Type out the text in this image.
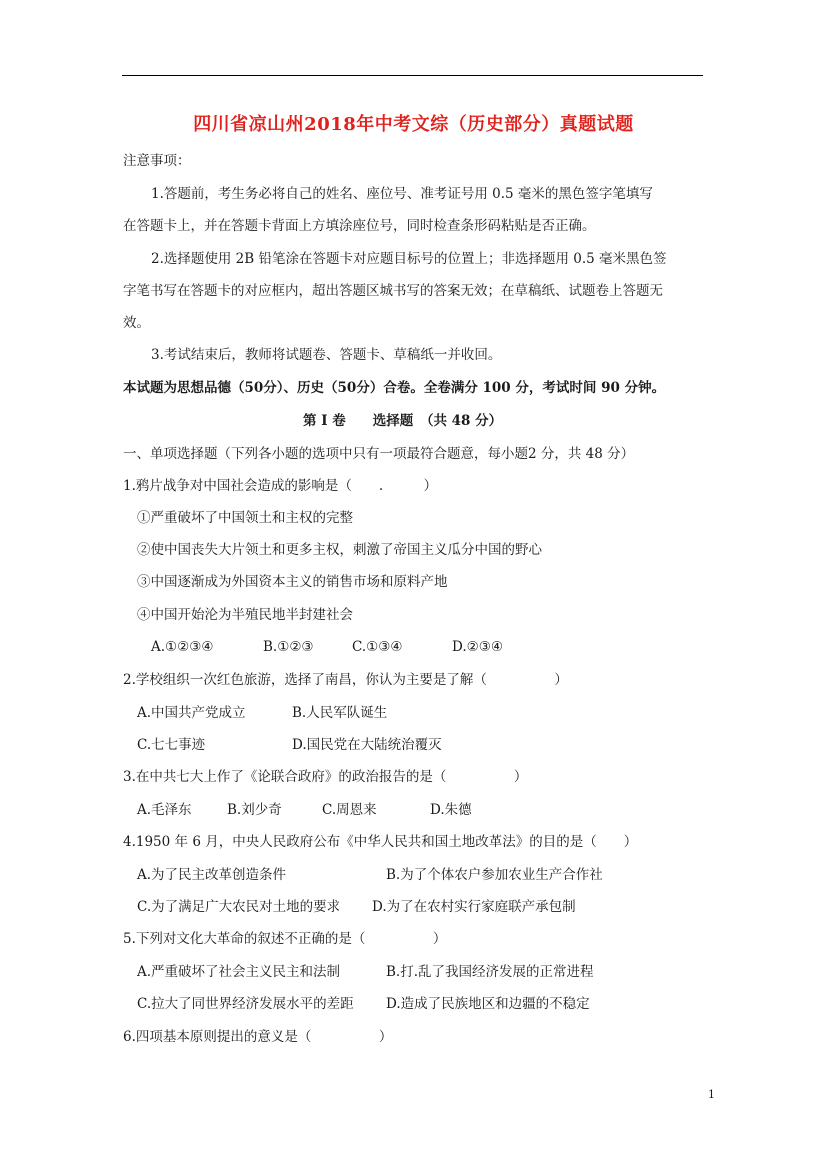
四川省凉山州2018年中考文综（历史部分）真题试题
注意事项：
1.答题前，考生务必将自己的姓名、座位号、准考证号用 0.5 毫米的黑色签字笔填写
在答题卡上，并在答题卡背面上方填涂座位号，同时检查条形码粘贴是否正确。
2.选择题使用 2B 铅笔涂在答题卡对应题目标号的位置上；非选择题用 0.5 毫米黑色签
字笔书写在答题卡的对应框内，超出答题区城书写的答案无效；在草稿纸、试题卷上答题无
效。
3.考试结束后，教师将试题卷、答题卡、草稿纸一并收回。
本试题为思想品德（50分）、历史（50分）合卷。全卷满分 100 分，考试时间 90 分钟。
第 I 卷　　选择题　（共 48 分）
一、单项选择题（下列各小题的选项中只有一项最符合题意，每小题2 分，共 48 分）
1.鸦片战争对中国社会造成的影响是（　　.　　　）
①严重破坏了中国领土和主权的完整
②使中国丧失大片领土和更多主权，刺激了帝国主义瓜分中国的野心
③中国逐渐成为外国资本主义的销售市场和原料产地
④中国开始沦为半殖民地半封建社会
A.①②③④	B.①②③	C.①③④	D.②③④
2.学校组织一次红色旅游，选择了南昌，你认为主要是了解（　　　　　）
A.中国共产党成立	B.人民军队诞生
C.七七事迹	D.国民党在大陆统治覆灭
3.在中共七大上作了《论联合政府》的政治报告的是（　　　　　）
A.毛泽东	B.刘少奇	C.周恩来	D.朱德
4.1950 年 6 月，中央人民政府公布《中华人民共和国土地改革法》的目的是（　　）
A.为了民主改革创造条件	B.为了个体农户参加农业生产合作社
C.为了满足广大农民对土地的要求 D.为了在农村实行家庭联产承包制
5.下列对文化大革命的叙述不正确的是（　　　　　）
A.严重破坏了社会主义民主和法制	B.打.乱了我国经济发展的正常进程
C.拉大了同世界经济发展水平的差距 D.造成了民族地区和边疆的不稳定
6.四项基本原则提出的意义是（　　　　　）
1
